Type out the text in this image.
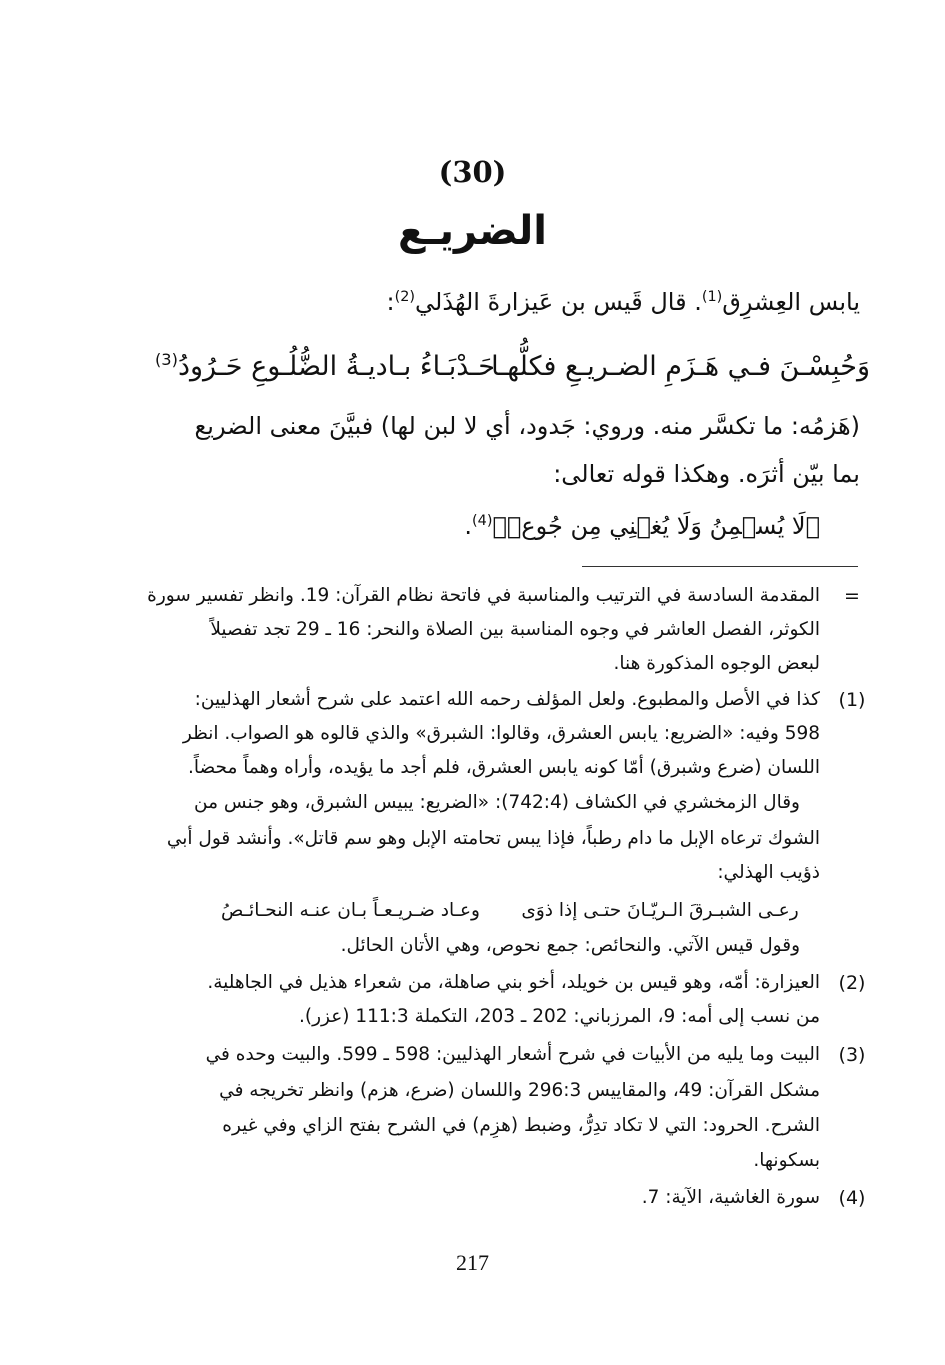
(30)
الضريـع
يابس العِشرِق$^{(1)}$. قال قَيس بن عَيزارةَ الهُذَلي$^{(2)}$:
وَحُبِسْـنَ فـي هَـزَمِ الضـريـعِ فكلُّهـاحَـدْبَـاءُ بـاديـةُ الضُّلُـوعِ حَـرُودُ$^{(3)}$
(هَزمُه: ما تكسَّر منه. وروي: جَدود، أي لا لبن لها) فبيَّنَ معنى الضريع
بما بيّن أثرَه. وهكذا قوله تعالى:
﴿لَا يُسۡمِنُ وَلَا يُغۡنِي مِن جُوعٖ﴾$^{(4)}$.
=
المقدمة السادسة في الترتيب والمناسبة في فاتحة نظام القرآن: 19. وانظر تفسير سورة
الكوثر، الفصل العاشر في وجوه المناسبة بين الصلاة والنحر: 16 ـ 29 تجد تفصيلاً
لبعض الوجوه المذكورة هنا.
(1)
كذا في الأصل والمطبوع. ولعل المؤلف رحمه الله اعتمد على شرح أشعار الهذليين:
598 وفيه: «الضريع: يابس العشرق، وقالوا: الشبرق» والذي قالوه هو الصواب. انظر
اللسان (ضرع وشبرق) أمّا كونه يابس العشرق، فلم أجد ما يؤيده، وأراه وهماً محضاً.
وقال الزمخشري في الكشاف (742:4): «الضريع: يبيس الشبرق، وهو جنس من
الشوك ترعاه الإبل ما دام رطباً، فإذا يبس تحامته الإبل وهو سم قاتل». وأنشد قول أبي
ذؤيب الهذلي:
رعـى الشبـرقَ الـريّـانَ حتـى إذا ذوَىوعـاد ضـريـعـاً بـان عنـه النحـائـصُ
وقول قيس الآتي. والنحائص: جمع نحوص، وهي الأتان الحائل.
(2)
العيزارة: أمّه، وهو قيس بن خويلد، أخو بني صاهلة، من شعراء هذيل في الجاهلية.
من نسب إلى أمه: 9، المرزباني: 202 ـ 203، التكملة 111:3 (عزر).
(3)
البيت وما يليه من الأبيات في شرح أشعار الهذليين: 598 ـ 599. والبيت وحده في
مشكل القرآن: 49، والمقاييس 296:3 واللسان (ضرع، هزم) وانظر تخريجه في
الشرح. الحرود: التي لا تكاد تدِرُّ، وضبط (هزِم) في الشرح بفتح الزاي وفي غيره
بسكونها.
(4)
سورة الغاشية، الآية: 7.
217
